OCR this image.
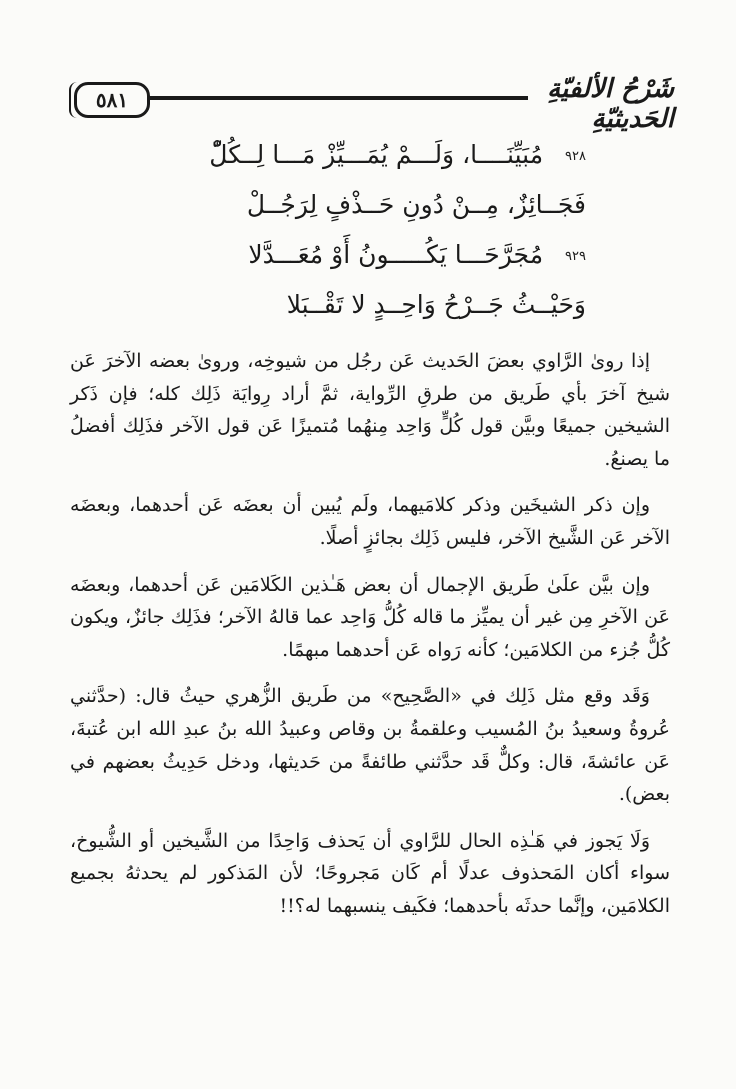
٥٨١	شَرْحُ الألفيّةِ الحَديثيّةِ
٩٢٨ مُبَيِّنَــــا، وَلَـــمْ يُمَـــيِّزْ مَـــا لِــكُلّْ
فَجَــائِزٌ، مِــنْ دُونِ حَــذْفٍ لِرَجُــلْ
٩٢٩ مُجَرَّحَـــا يَكُـــــونُ أَوْ مُعَـــدَّلا
وَحَيْــثُ جَــرْحُ وَاحِــدٍ لا تَقْــبَلا

إذا روىٰ الرَّاوي بعضَ الحَديث عَن رجُل من شيوخِه، وروىٰ بعضه الآخرَ عَن شيخ آخرَ بأي طَريق من طرقِ الرِّواية، ثمَّ أراد رِوايَة ذَلِك كله؛ فإن ذَكر الشيخين جميعًا وبيَّن قول كُلٍّ وَاحِد مِنهُما مُتميزًا عَن قول الآخر فذَلِك أفضلُ ما يصنعُ.

وإن ذكر الشيخَين وذكر كلامَيهما، ولَم يُبين أن بعضَه عَن أحدهما، وبعضَه الآخر عَن الشَّيخ الآخر، فليس ذَلِك بجائزٍ أصلًا.

وإن بيَّن علَىٰ طَريق الإجمال أن بعض هَـٰذين الكَلامَين عَن أحدهما، وبعضَه عَن الآخرِ مِن غير أن يميِّز ما قاله كُلُّ وَاحِد عما قالهُ الآخر؛ فذَلِك جائزٌ، ويكون كُلُّ جُزء من الكلامَين؛ كأنه رَواه عَن أحدهما مبهمًا.

وَقَد وقع مثل ذَلِك في «الصَّحِيح» من طَريق الزُّهري حيثُ قال: (حدَّثني عُروةُ وسعيدُ بنُ المُسيب وعلقمةُ بن وقاص وعبيدُ الله بنُ عبدِ الله ابن عُتبةَ، عَن عائشةَ، قال: وكلٌّ قَد حدَّثني طائفةً من حَديثها، ودخل حَدِيثُ بعضهم في بعض).

وَلَا يَجوز في هَـٰذِه الحال للرَّاوي أن يَحذف وَاحِدًا من الشَّيخين أو الشُّيوخ، سواء أكان المَحذوف عدلًا أم كَان مَجروحًا؛ لأن المَذكور لم يحدثهُ بجميع الكلامَين، وإنَّما حدثَه بأحدهما؛ فكَيف ينسبهما له؟!!
